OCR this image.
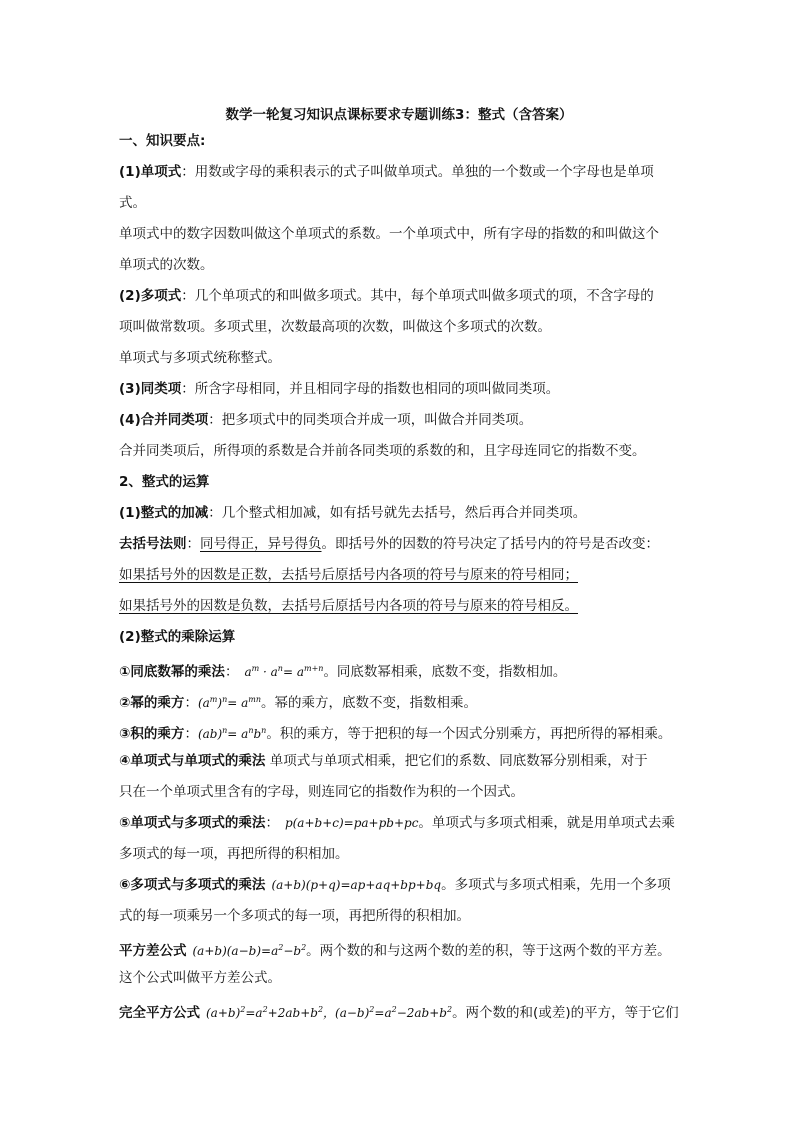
数学一轮复习知识点课标要求专题训练3：整式（含答案）
一、知识要点:
(1)单项式：用数或字母的乘积表示的式子叫做单项式。单独的一个数或一个字母也是单项
式。
单项式中的数字因数叫做这个单项式的系数。一个单项式中，所有字母的指数的和叫做这个
单项式的次数。
(2)多项式：几个单项式的和叫做多项式。其中，每个单项式叫做多项式的项，不含字母的
项叫做常数项。多项式里，次数最高项的次数，叫做这个多项式的次数。
单项式与多项式统称整式。
(3)同类项：所含字母相同，并且相同字母的指数也相同的项叫做同类项。
(4)合并同类项：把多项式中的同类项合并成一项，叫做合并同类项。
合并同类项后，所得项的系数是合并前各同类项的系数的和，且字母连同它的指数不变。
2、整式的运算
(1)整式的加减：几个整式相加减，如有括号就先去括号，然后再合并同类项。
去括号法则：同号得正，异号得负。即括号外的因数的符号决定了括号内的符号是否改变：
如果括号外的因数是正数，去括号后原括号内各项的符号与原来的符号相同；
如果括号外的因数是负数，去括号后原括号内各项的符号与原来的符号相反。
(2)整式的乘除运算
①同底数幂的乘法： $a^m \cdot a^n= a^{m+n}$。同底数幂相乘，底数不变，指数相加。
②幂的乘方：$(a^m)^n= a^{mn}$。幂的乘方，底数不变，指数相乘。
③积的乘方：$(ab)^n= a^nb^n$。积的乘方，等于把积的每一个因式分别乘方，再把所得的幂相乘。
④单项式与单项式的乘法 单项式与单项式相乘，把它们的系数、同底数幂分别相乘，对于
只在一个单项式里含有的字母，则连同它的指数作为积的一个因式。
⑤单项式与多项式的乘法： p(a+b+c)=pa+pb+pc。单项式与多项式相乘，就是用单项式去乘
多项式的每一项，再把所得的积相加。
⑥多项式与多项式的乘法 (a+b)(p+q)=ap+aq+bp+bq。多项式与多项式相乘，先用一个多项
式的每一项乘另一个多项式的每一项，再把所得的积相加。
平方差公式 $(a+b)(a-b)=a^2-b^2$。两个数的和与这两个数的差的积，等于这两个数的平方差。
这个公式叫做平方差公式。
完全平方公式 $(a+b)^2=a^2+2ab+b^2$，$(a-b)^2=a^2-2ab+b^2$。两个数的和(或差)的平方，等于它们
